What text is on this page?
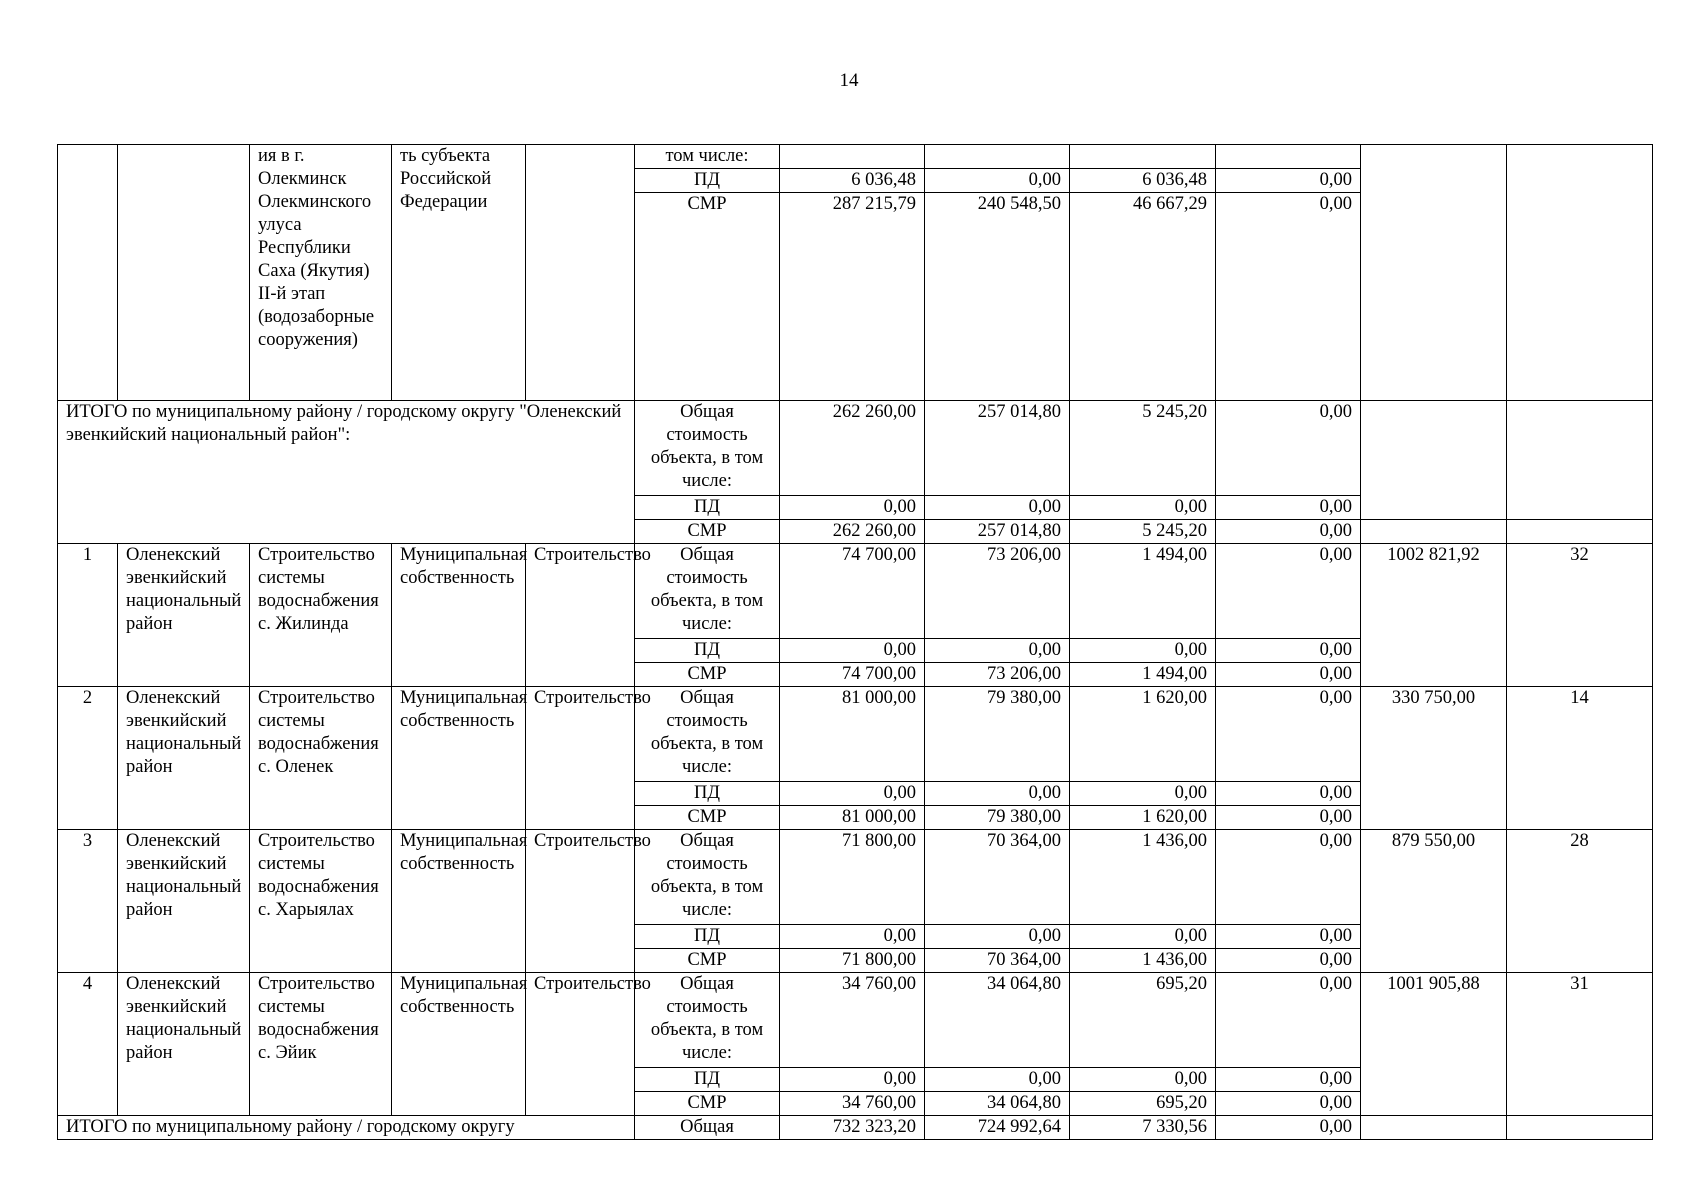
14
		ия в г. Олекминск Олекминского улуса Республики Саха (Якутия) II-й этап (водозаборные сооружения)	ть субъекта Российской Федерации		том числе:						
					ПД	6 036,48	0,00	6 036,48	0,00		
					СМР	287 215,79	240 548,50	46 667,29	0,00		
ИТОГО по муниципальному району / городскому округу "Оленекский эвенкийский национальный район":					Общая стоимость объекта, в том числе:	262 260,00	257 014,80	5 245,20	0,00		
					ПД	0,00	0,00	0,00	0,00		
					СМР	262 260,00	257 014,80	5 245,20	0,00		
1	Оленекский эвенкийский национальный район	Строительство системы водоснабжения с. Жилинда	Муниципальная собственность	Строительство	Общая стоимость объекта, в том числе:	74 700,00	73 206,00	1 494,00	0,00	1002 821,92	32
					ПД	0,00	0,00	0,00	0,00		
					СМР	74 700,00	73 206,00	1 494,00	0,00		
2	Оленекский эвенкийский национальный район	Строительство системы водоснабжения с. Оленек	Муниципальная собственность	Строительство	Общая стоимость объекта, в том числе:	81 000,00	79 380,00	1 620,00	0,00	330 750,00	14
					ПД	0,00	0,00	0,00	0,00		
					СМР	81 000,00	79 380,00	1 620,00	0,00		
3	Оленекский эвенкийский национальный район	Строительство системы водоснабжения с. Харыялах	Муниципальная собственность	Строительство	Общая стоимость объекта, в том числе:	71 800,00	70 364,00	1 436,00	0,00	879 550,00	28
					ПД	0,00	0,00	0,00	0,00		
					СМР	71 800,00	70 364,00	1 436,00	0,00		
4	Оленекский эвенкийский национальный район	Строительство системы водоснабжения с. Эйик	Муниципальная собственность	Строительство	Общая стоимость объекта, в том числе:	34 760,00	34 064,80	695,20	0,00	1001 905,88	31
					ПД	0,00	0,00	0,00	0,00		
					СМР	34 760,00	34 064,80	695,20	0,00		
ИТОГО по муниципальному району / городскому округу					Общая	732 323,20	724 992,64	7 330,56	0,00		
